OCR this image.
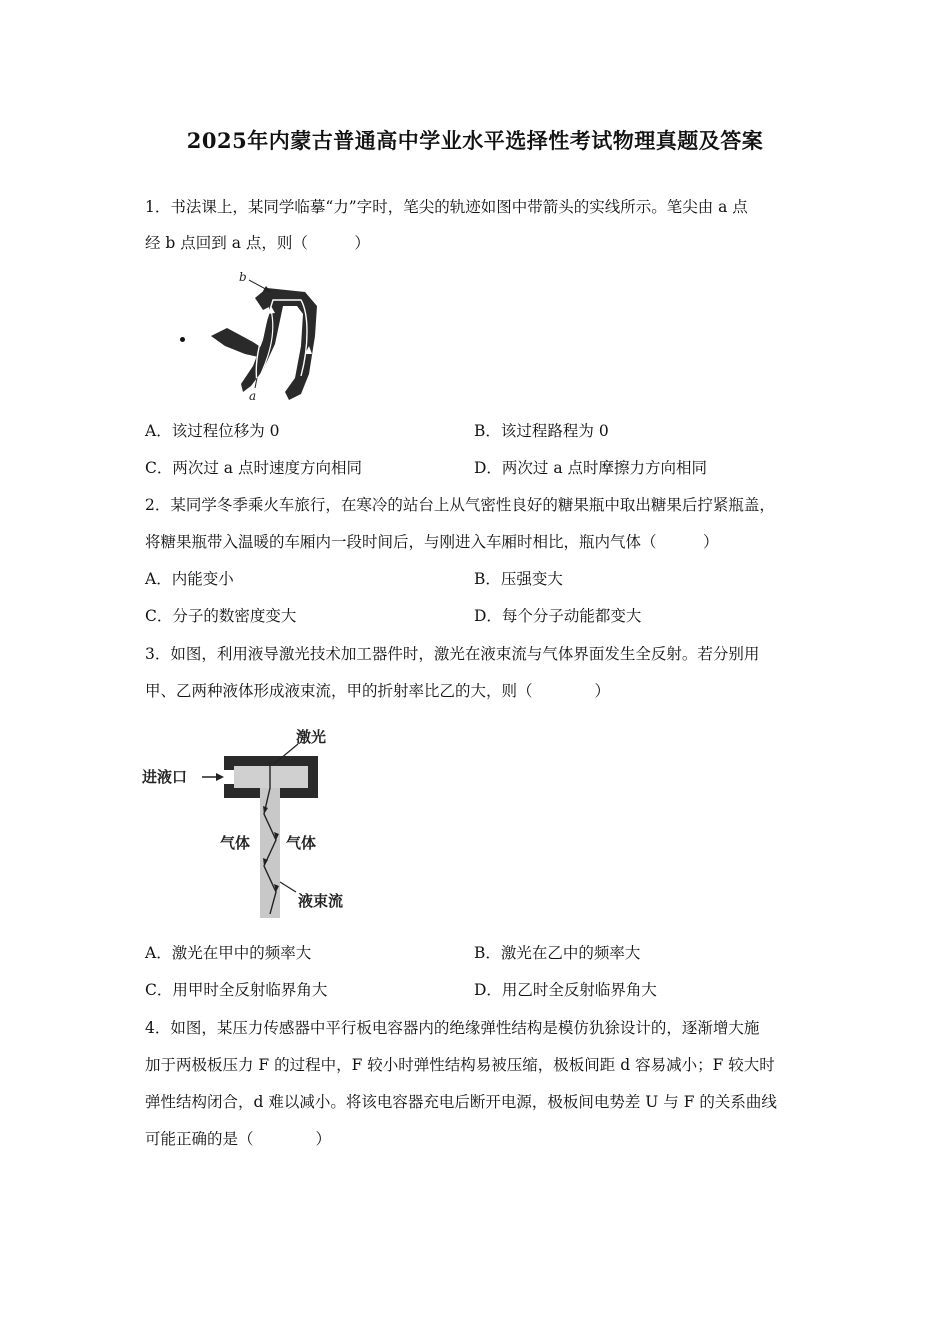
2025年内蒙古普通高中学业水平选择性考试物理真题及答案
1．书法课上，某同学临摹“力”字时，笔尖的轨迹如图中带箭头的实线所示。笔尖由 a 点
经 b 点回到 a 点，则（　　　）
b
a
A．该过程位移为 0	B．该过程路程为 0
C．两次过 a 点时速度方向相同	D．两次过 a 点时摩擦力方向相同
2．某同学冬季乘火车旅行，在寒冷的站台上从气密性良好的糖果瓶中取出糖果后拧紧瓶盖，
将糖果瓶带入温暖的车厢内一段时间后，与刚进入车厢时相比，瓶内气体（　　　）
A．内能变小	B．压强变大
C．分子的数密度变大	D．每个分子动能都变大
3．如图，利用液导激光技术加工器件时，激光在液束流与气体界面发生全反射。若分别用
甲、乙两种液体形成液束流，甲的折射率比乙的大，则（　　　　）
激光
进液口
气体 气体
液束流
A．激光在甲中的频率大	B．激光在乙中的频率大
C．用甲时全反射临界角大	D．用乙时全反射临界角大
4．如图，某压力传感器中平行板电容器内的绝缘弹性结构是模仿犰狳设计的，逐渐增大施
加于两极板压力 F 的过程中，F 较小时弹性结构易被压缩，极板间距 d 容易减小；F 较大时
弹性结构闭合，d 难以减小。将该电容器充电后断开电源，极板间电势差 U 与 F 的关系曲线
可能正确的是（　　　　）
